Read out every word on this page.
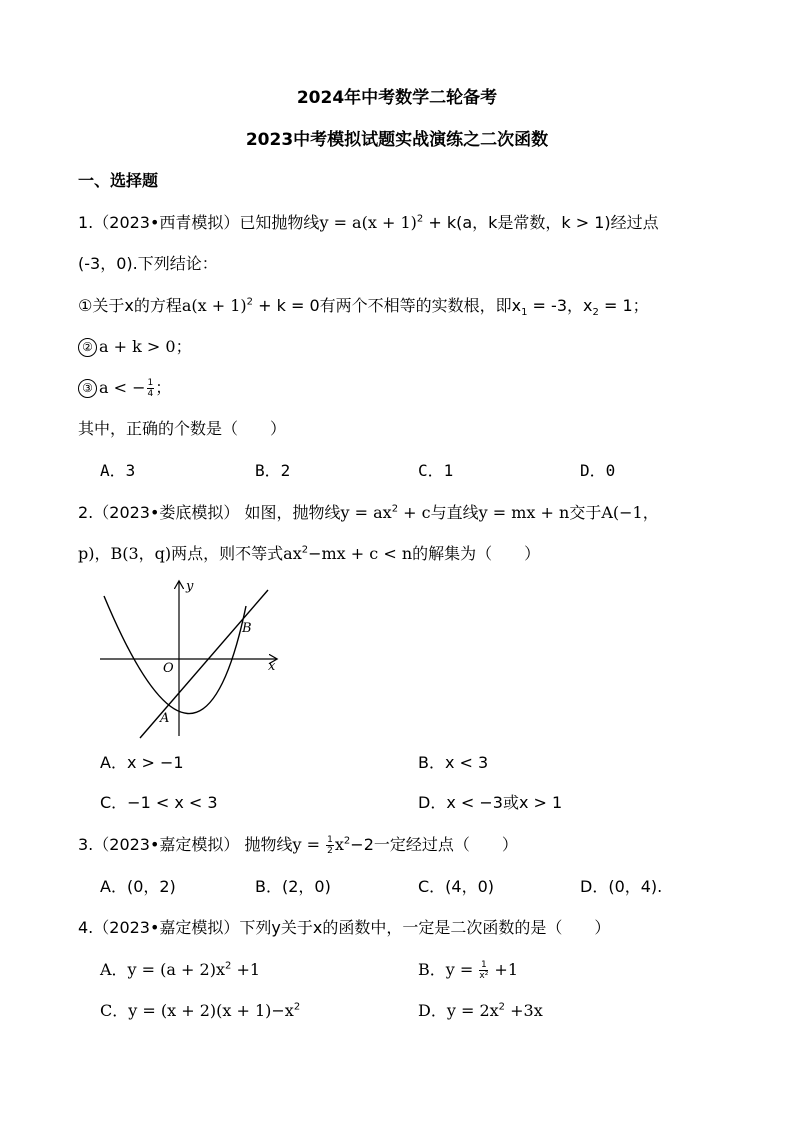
2024年中考数学二轮备考
2023中考模拟试题实战演练之二次函数
一、选择题
1.（2023•西青模拟）已知抛物线$y = a(x + 1)^2 + k(a$，k是常数，k > 1)经过点
(-3，0).下列结论：
①关于x的方程$a(x + 1)^2 + k = 0$有两个不相等的实数根，即$x_1 = -3$，$x_2 = 1$；
② a + k > 0；
③ a < − $\frac{1}{4}$ ；
其中，正确的个数是（　　）
A．3	B．2	C．1	D．0
2.（2023•娄底模拟） 如图，抛物线$y = ax^2 + c$与直线y = mx + n交于A(−1，
p)，B(3，q)两点，则不等式$ax^2-mx + c < n$的解集为（　　）
y
x
O
A
B
A．x > −1	B．x < 3
C．−1 < x < 3	D．x < −3或x > 1
3.（2023•嘉定模拟） 抛物线$y = \frac{1}{2} x^2-2$一定经过点（　　）
A．(0，2)	B．(2，0)	C．(4，0)	D．(0，4).
4.（2023•嘉定模拟）下列y关于x的函数中，一定是二次函数的是（　　）
A．$y = (a + 2)x^2 +1$	B．$y = \frac{1}{\text{x²}} +1$
C．$y = (x + 2)(x + 1)-x^2$	D．$y = 2x^2 +3x$
